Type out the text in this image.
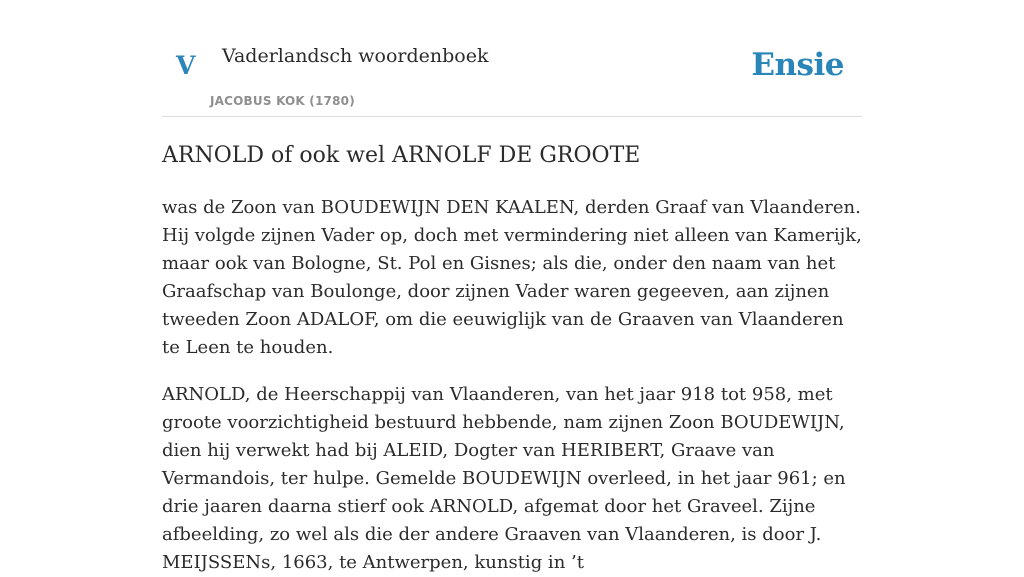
V Vaderlandsch woordenboek
JACOBUS KOK (1780)
Ensie
ARNOLD of ook wel ARNOLF DE GROOTE

was de Zoon van BOUDEWIJN DEN KAALEN, derden Graaf van Vlaanderen. Hij volgde zijnen Vader op, doch met vermindering niet alleen van Kamerijk, maar ook van Bologne, St. Pol en Gisnes; als die, onder den naam van het Graafschap van Boulonge, door zijnen Vader waren gegeeven, aan zijnen tweeden Zoon ADALOF, om die eeuwiglijk van de Graaven van Vlaanderen te Leen te houden.

ARNOLD, de Heerschappij van Vlaanderen, van het jaar 918 tot 958, met groote voorzichtigheid bestuurd hebbende, nam zijnen Zoon BOUDEWIJN, dien hij verwekt had bij ALEID, Dogter van HERIBERT, Graave van Vermandois, ter hulpe. Gemelde BOUDEWIJN overleed, in het jaar 961; en drie jaaren daarna stierf ook ARNOLD, afgemat door het Graveel. Zijne afbeelding, zo wel als die der andere Graaven van Vlaanderen, is door J. MEIJSSENs, 1663, te Antwerpen, kunstig in ’t
